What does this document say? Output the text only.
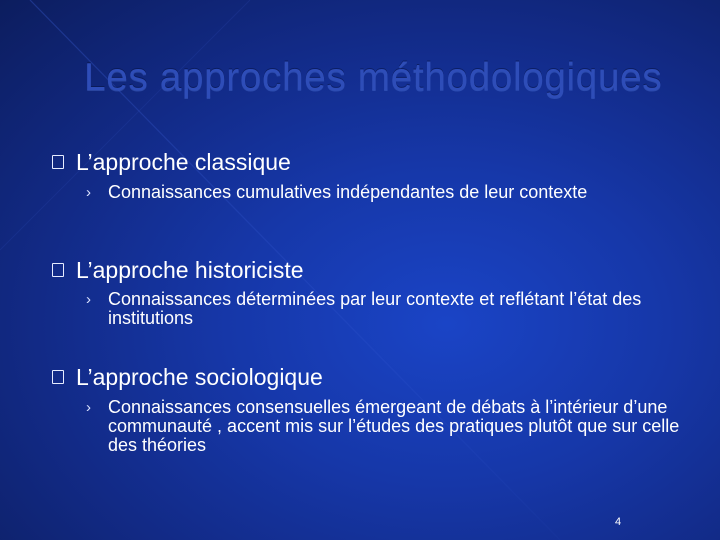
Les approches méthodologiques
L’approche classique
› Connaissances cumulatives indépendantes de leur contexte
L’approche historiciste
› Connaissances déterminées par leur contexte et reflétant l’état des institutions
L’approche sociologique
› Connaissances consensuelles émergeant de débats à l’intérieur d’une communauté , accent mis sur l’études des pratiques plutôt que sur celle des théories
4
